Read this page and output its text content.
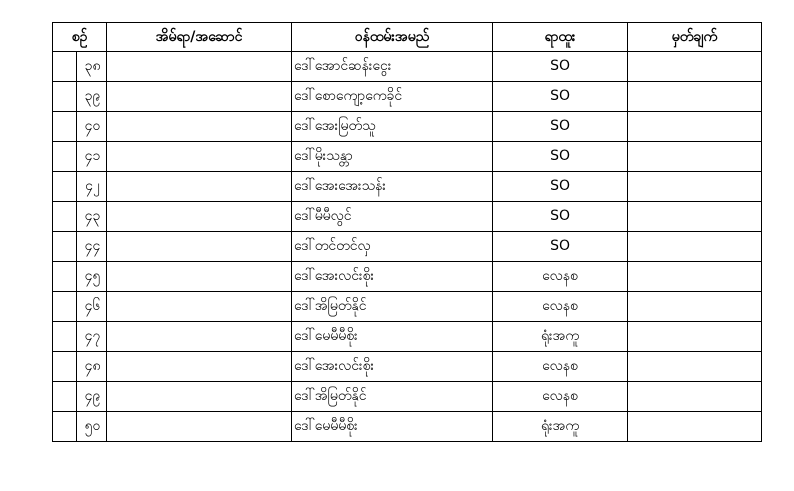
စဉ်		အိမ်ရာ/အဆောင်	ဝန်ထမ်းအမည်	ရာထူး	မှတ်ချက်
	၃၈		ဒေါ်အောင်ဆန်းငွေး	SO	
	၃၉		ဒေါ်စောကျော့ကေခိုင်	SO	
	၄၀		ဒေါ်အေးမြတ်သူ	SO	
	၄၁		ဒေါ်မိုးသန္တာ	SO	
	၄၂		ဒေါ်အေးအေးသန်း	SO	
	၄၃		ဒေါ်မီမီလွင်	SO	
	၄၄		ဒေါ်တင်တင်လှ	SO	
	၄၅		ဒေါ်အေးလင်းစိုး	လေနစ	
	၄၆		ဒေါ်အိမြတ်နိုင်	လေနစ	
	၄၇		ဒေါ်မေမီမီစိုး	ရုံးအကူ	
	၄၈		ဒေါ်အေးလင်းစိုး	လေနစ	
	၄၉		ဒေါ်အိမြတ်နိုင်	လေနစ	
	၅၀		ဒေါ်မေမီမီစိုး	ရုံးအကူ	
